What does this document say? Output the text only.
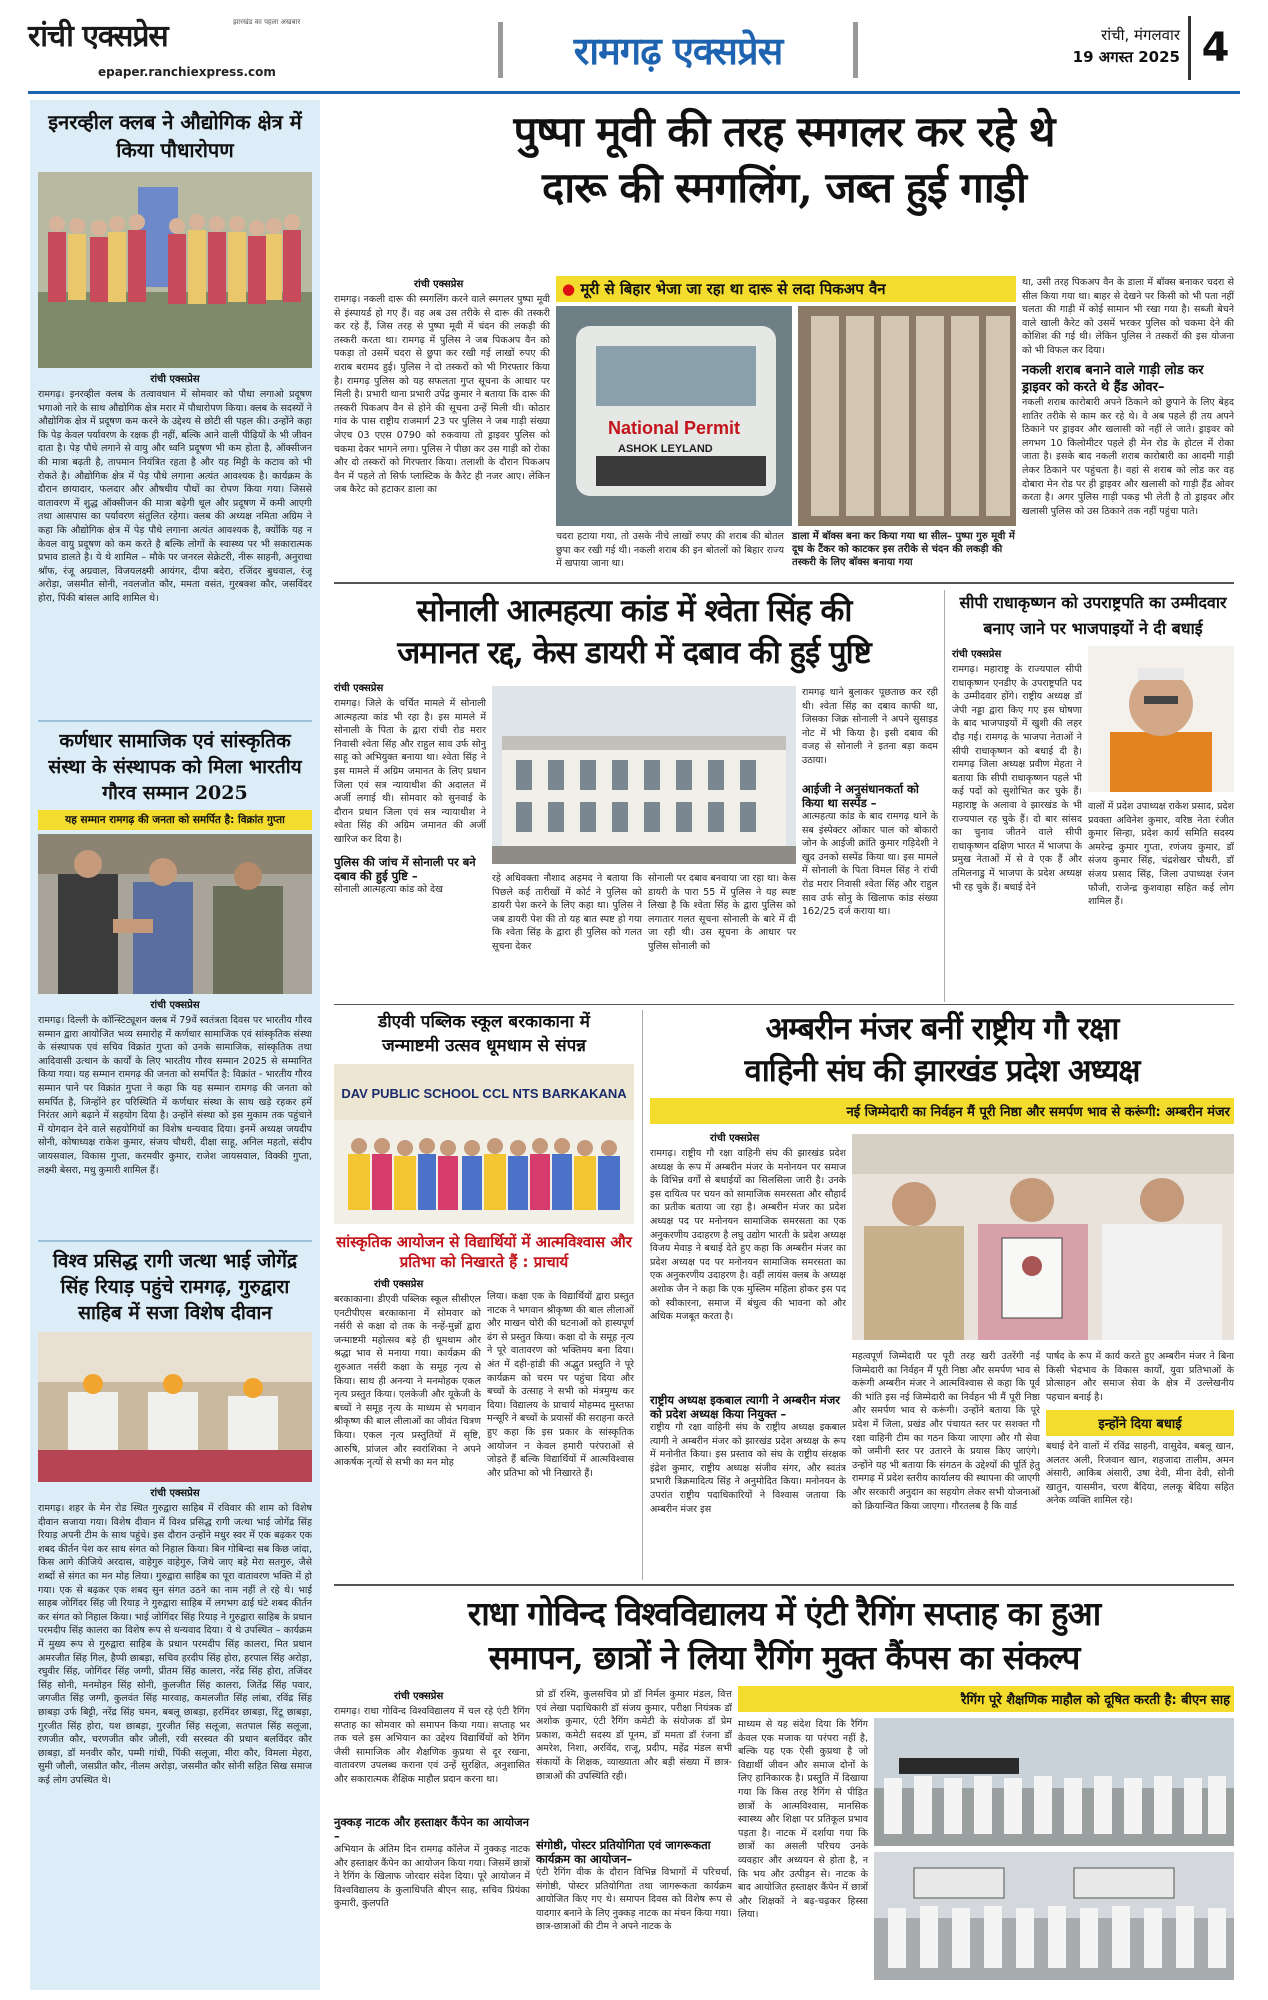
रांची एक्सप्रेस	झारखंड का पहला अखबार
epaper.ranchiexpress.com	रामगढ़ एक्सप्रेस	रांची, मंगलवार
19 अगस्त 2025 4
इनरव्हील क्लब ने औद्योगिक क्षेत्र में किया पौधारोपण
रांची एक्सप्रेस
रामगढ़। इनरव्हील क्लब के तत्वावधान में सोमवार को पौधा लगाओ प्रदूषण भगाओ नारे के साथ औद्योगिक क्षेत्र मरार में पौधारोपण किया। क्लब के सदस्यों ने औद्योगिक क्षेत्र में प्रदूषण कम करने के उद्देश्य से छोटी सी पहल की। उन्होंने कहा कि पेड़ केवल पर्यावरण के रक्षक ही नहीं, बल्कि आने वाली पीढ़ियों के भी जीवन दाता है। पेड़ पौधे लगाने से वायु और ध्वनि प्रदूषण भी कम होता है, ऑक्सीजन की मात्रा बढ़ती है, तापमान नियंत्रित रहता है और यह मिट्टी के कटाव को भी रोकते है। औद्योगिक क्षेत्र में पेड़ पौधे लगाना अत्यंत आवश्यक है। कार्यक्रम के दौरान छायादार, फलदार और औषधीय पौधों का रोपण किया गया। जिससे वातावरण में शुद्ध ऑक्सीजन की मात्रा बढ़ेगी धूल और प्रदूषण में कमी आएगी तथा आसपास का पर्यावरण संतुलित रहेगा। क्लब की अध्यक्ष नमिता अग्रिम ने कहा कि औद्योगिक क्षेत्र में पेड़ पौधे लगाना अत्यंत आवश्यक है, क्योंकि यह न केवल वायु प्रदूषण को कम करते है बल्कि लोगों के स्वास्थ्य पर भी सकारात्मक प्रभाव डालते है। ये थे शामिल – मौके पर जनरल सेक्रेटरी, नीरू साहनी, अनुराधा श्रॉफ, रंजू अग्रवाल, विजयलक्ष्मी आयंगर, दीपा बदेरा, रजिंदर बुधवाल, रंजू अरोड़ा, जसमीत सोनी, नवलजोत कौर, ममता वसंत, गुरबक्श कौर, जसविंदर होरा, पिंकी बांसल आदि शामिल थे।
कर्णधार सामाजिक एवं सांस्कृतिक संस्था के संस्थापक को मिला भारतीय गौरव सम्मान 2025
यह सम्मान रामगढ़ की जनता को समर्पित है: विक्रांत गुप्ता
रांची एक्सप्रेस
रामगढ़। दिल्ली के कॉन्स्टिट्यूशन क्लब में 79वें स्वतंत्रता दिवस पर भारतीय गौरव सम्मान द्वारा आयोजित भव्य समारोह में कर्णधार सामाजिक एवं सांस्कृतिक संस्था के संस्थापक एवं सचिव विक्रांत गुप्ता को उनके सामाजिक, सांस्कृतिक तथा आदिवासी उत्थान के कार्यों के लिए भारतीय गौरव सम्मान 2025 से सम्मानित किया गया। यह सम्मान रामगढ़ की जनता को समर्पित है: विक्रांत - भारतीय गौरव सम्मान पाने पर विक्रांत गुप्ता ने कहा कि यह सम्मान रामगढ़ की जनता को समर्पित है, जिन्होंने हर परिस्थिति में कर्णधार संस्था के साथ खड़े रहकर हमें निरंतर आगे बढ़ाने में सहयोग दिया है। उन्होंने संस्था को इस मुकाम तक पहुंचाने में योगदान देने वाले सहयोगियों का विशेष धन्यवाद दिया। इनमें अध्यक्ष जयदीप सोनी, कोषाध्यक्ष राकेश कुमार, संजय चौधरी, दीक्षा साहू, अनिल महतो, संदीप जायसवाल, विकास गुप्ता, करमवीर कुमार, राजेश जायसवाल, विक्की गुप्ता, लक्ष्मी बेसरा, मधु कुमारी शामिल हैं।
विश्व प्रसिद्ध रागी जत्था भाई जोगेंद्र सिंह रियाड़ पहुंचे रामगढ़, गुरुद्वारा साहिब में सजा विशेष दीवान
रांची एक्सप्रेस
रामगढ़। शहर के मेन रोड स्थित गुरुद्वारा साहिब में रविवार की शाम को विशेष दीवान सजाया गया। विशेष दीवान में विश्व प्रसिद्ध रागी जत्था भाई जोगेंद्र सिंह रियाड़ अपनी टीम के साथ पहुंचे। इस दौरान उन्होंने मधुर स्वर में एक बढ़कर एक शबद कीर्तन पेश कर साध संगत को निहाल किया। बिन गोबिन्दा सब किछ जांदा, किस आगे कीजिये अरदास, वाहेगुरु वाहेगुरु, जिथे जाए बहे मेरा सतगुरु, जैसे शब्दों से संगत का मन मोह लिया। गुरुद्वारा साहिब का पूरा वातावरण भक्ति में हो गया। एक से बढ़कर एक शबद सुन संगत उठने का नाम नहीं ले रहे थे। भाई साहब जोगिंदर सिंह जी रियाड़ ने गुरुद्वारा साहिब में लगभग ढाई घंटे शबद कीर्तन कर संगत को निहाल किया। भाई जोगिंदर सिंह रियाड़ ने गुरुद्वारा साहिब के प्रधान परमदीप सिंह कालरा का विशेष रूप से धन्यवाद दिया। ये थे उपस्थित – कार्यक्रम में मुख्य रूप से गुरुद्वारा साहिब के प्रधान परमदीप सिंह कालरा, मित प्रधान अमरजीत सिंह गिल, हैप्पी छाबड़ा, सचिव हरदीप सिंह होरा, हरपाल सिंह अरोड़ा, रघुवीर सिंह, जोगिंदर सिंह जग्गी, प्रीतम सिंह कालरा, नरेंद्र सिंह होरा, तजिंदर सिंह सोनी, मनमोहन सिंह सोनी, कुलजीत सिंह कालरा, जितेंद्र सिंह पवार, जगजीत सिंह जग्गी, कुलवंत सिंह मारवाह, कमलजीत सिंह लांबा, रविंद्र सिंह छाबड़ा उर्फ बिट्टी, नरेंद्र सिंह चमन, बबलू छाबड़ा, हरमिंदर छाबड़ा, रिंटू छाबड़ा, गुरजीत सिंह होरा, यश छाबड़ा, गुरजीत सिंह सलूजा, सतपाल सिंह सलूजा, रणजीत कौर, चरणजीत कौर जौली, रवी सरस्वत की प्रधान बलविंदर कौर छाबड़ा, डॉ मनवीर कौर, पम्मी गांधी, पिंकी सलूजा, मीरा कौर, विमला मेहरा, सुमी जौली, जसप्रीत कौर, नीलम अरोड़ा, जसमीत कौर सोनी सहित सिख समाज कई लोग उपस्थित थे।
पुष्पा मूवी की तरह स्मगलर कर रहे थे
दारू की स्मगलिंग, जब्त हुई गाड़ी
रांची एक्सप्रेस
रामगढ़। नकली दारू की स्मगलिंग करने वाले स्मगलर पुष्पा मूवी से इंस्पायर्ड हो गए हैं। वह अब उस तरीके से दारू की तस्करी कर रहे हैं, जिस तरह से पुष्पा मूवी में चंदन की लकड़ी की तस्करी करता था। रामगढ़ में पुलिस ने जब पिकअप वैन को पकड़ा तो उसमें चदरा से छुपा कर रखी गई लाखों रुपए की शराब बरामद हुई। पुलिस ने दो तस्करों को भी गिरफ्तार किया है। रामगढ़ पुलिस को यह सफलता गुप्त सूचना के आधार पर मिली है। प्रभारी थाना प्रभारी उपेंद्र कुमार ने बताया कि दारू की तस्करी पिकअप वैन से होने की सूचना उन्हें मिली थी। कोठार गांव के पास राष्ट्रीय राजमार्ग 23 पर पुलिस ने जब गाड़ी संख्या जेएच 03 एएस 0790 को रुकवाया तो ड्राइवर पुलिस को चकमा देकर भागने लगा। पुलिस ने पीछा कर उस गाड़ी को रोका और दो तस्करों को गिरफ्तार किया। तलाशी के दौरान पिकअप वैन में पहले तो सिर्फ प्लास्टिक के कैरेट ही नजर आए। लेकिन जब कैरेट को हटाकर डाला का
● मूरी से बिहार भेजा जा रहा था दारू से लदा पिकअप वैन
National Permit
ASHOK LEYLAND
चदरा हटाया गया, तो उसके नीचे लाखों रुपए की शराब की बोतल छुपा कर रखी गई थी। नकली शराब की इन बोतलों को बिहार राज्य में खपाया जाना था।
डाला में बॉक्स बना कर किया गया था सील– पुष्पा गुरु मूवी में दूध के टैंकर को काटकर इस तरीके से चंदन की लकड़ी की तस्करी के लिए बॉक्स बनाया गया
था, उसी तरह पिकअप वैन के डाला में बॉक्स बनाकर चदरा से सील किया गया था। बाहर से देखने पर किसी को भी पता नहीं चलता की गाड़ी में कोई सामान भी रखा गया है। सब्जी बेचने वाले खाली कैरेट को उसमें भरकर पुलिस को चकमा देने की कोशिश की गई थी। लेकिन पुलिस ने तस्करों की इस योजना को भी विफल कर दिया।
नकली शराब बनाने वाले गाड़ी लोड कर ड्राइवर को करते थे हैंड ओवर–
नकली शराब कारोबारी अपने ठिकाने को छुपाने के लिए बेहद शातिर तरीके से काम कर रहे थे। वे अब पहले ही तय अपने ठिकाने पर ड्राइवर और खलासी को नहीं ले जाते। ड्राइवर को लगभग 10 किलोमीटर पहले ही मेन रोड के होटल में रोका जाता है। इसके बाद नकली शराब कारोबारी का आदमी गाड़ी लेकर ठिकाने पर पहुंचता है। वहां से शराब को लोड कर वह दोबारा मेन रोड पर ही ड्राइवर और खलासी को गाड़ी हैंड ओवर करता है। अगर पुलिस गाड़ी पकड़ भी लेती है तो ड्राइवर और खलासी पुलिस को उस ठिकाने तक नहीं पहुंचा पाते।
सोनाली आत्महत्या कांड में श्वेता सिंह की
जमानत रद्द, केस डायरी में दबाव की हुई पुष्टि
रांची एक्सप्रेस
रामगढ़। जिले के चर्चित मामले में सोनाली आत्महत्या कांड भी रहा है। इस मामले में सोनाली के पिता के द्वारा रांची रोड मरार निवासी श्वेता सिंह और राहुल साव उर्फ सोनु साहू को अभियुक्त बनाया था। श्वेता सिंह ने इस मामले में अग्रिम जमानत के लिए प्रधान जिला एवं सत्र न्यायाधीश की अदालत में अर्जी लगाई थी। सोमवार को सुनवाई के दौरान प्रधान जिला एवं सत्र न्यायाधीश ने श्वेता सिंह की अग्रिम जमानत की अर्जी खारिज कर दिया है।
पुलिस की जांच में सोनाली पर बने दबाव की हुई पुष्टि –
सोनाली आत्महत्या कांड को देख
रहे अधिवक्ता नौशाद अहमद ने बताया कि पिछले कई तारीखों में कोर्ट ने पुलिस को डायरी पेश करने के लिए कहा था। पुलिस ने जब डायरी पेश की तो यह बात स्पष्ट हो गया कि श्वेता सिंह के द्वारा ही पुलिस को गलत सूचना देकर
सोनाली पर दबाव बनवाया जा रहा था। केस डायरी के पारा 55 में पुलिस ने यह स्पष्ट लिखा है कि श्वेता सिंह के द्वारा पुलिस को लगातार गलत सूचना सोनाली के बारे में दी जा रही थी। उस सूचना के आधार पर पुलिस सोनाली को
रामगढ़ थाने बुलाकर पूछताछ कर रही थी। श्वेता सिंह का दबाव काफी था, जिसका जिक्र सोनाली ने अपने सुसाइड नोट में भी किया है। इसी दबाव की वजह से सोनाली ने इतना बड़ा कदम उठाया।
आईजी ने अनुसंधानकर्ता को किया था सस्पेंड –
आत्महत्या कांड के बाद रामगढ़ थाने के सब इंस्पेक्टर ओंकार पाल को बोकारो जोन के आईजी क्रांति कुमार गड़िदेशी ने खुद उनको सस्पेंड किया था। इस मामले में सोनाली के पिता विमल सिंह ने रांची रोड मरार निवासी श्वेता सिंह और राहुल साव उर्फ सोनु के खिलाफ कांड संख्या 162/25 दर्ज कराया था।
सीपी राधाकृष्णन को उपराष्ट्रपति का उम्मीदवार
बनाए जाने पर भाजपाइयों ने दी बधाई
रांची एक्सप्रेस
रामगढ़। महाराष्ट्र के राज्यपाल सीपी राधाकृष्णन एनडीए के उपराष्ट्रपति पद के उम्मीदवार होंगे। राष्ट्रीय अध्यक्ष डॉ जेपी नड्डा द्वारा किए गए इस घोषणा के बाद भाजपाइयों में खुशी की लहर दौड़ गई। रामगढ़ के भाजपा नेताओं ने सीपी राधाकृष्णन को बधाई दी है। रामगढ़ जिला अध्यक्ष प्रवीण मेहता ने बताया कि सीपी राधाकृष्णन पहले भी कई पदों को सुशोभित कर चुके हैं। महाराष्ट्र के अलावा वे झारखंड के भी राज्यपाल रह चुके हैं। दो बार सांसद का चुनाव जीतने वाले सीपी राधाकृष्णन दक्षिण भारत में भाजपा के प्रमुख नेताओं में से वे एक हैं और तमिलनाडु में भाजपा के प्रदेश अध्यक्ष भी रह चुके हैं। बधाई देने
वालों में प्रदेश उपाध्यक्ष राकेश प्रसाद, प्रदेश प्रवक्ता अविनेश कुमार, वरिष्ठ नेता रंजीत कुमार सिन्हा, प्रदेश कार्य समिति सदस्य अमरेन्द्र कुमार गुप्ता, रणंजय कुमार, डॉ संजय कुमार सिंह, चंद्रशेखर चौधरी, डॉ संजय प्रसाद सिंह, जिला उपाध्यक्ष रंजन फौजी, राजेन्द्र कुशवाहा सहित कई लोग शामिल हैं।
डीएवी पब्लिक स्कूल बरकाकाना में
जन्माष्टमी उत्सव धूमधाम से संपन्न
DAV PUBLIC SCHOOL CCL NTS BARKAKANA
सांस्कृतिक आयोजन से विद्यार्थियों में आत्मविश्वास और प्रतिभा को निखारते हैं : प्राचार्य
रांची एक्सप्रेस
बरकाकाना। डीएवी पब्लिक स्कूल सीसीएल एनटीपीएस बरकाकाना में सोमवार को नर्सरी से कक्षा दो तक के नन्हें-मुन्नों द्वारा जन्माष्टमी महोत्सव बड़े ही धूमधाम और श्रद्धा भाव से मनाया गया। कार्यक्रम की शुरुआत नर्सरी कक्षा के समूह नृत्य से किया। साथ ही अनन्या ने मनमोहक एकल नृत्य प्रस्तुत किया। एलकेजी और यूकेजी के बच्चों ने समूह नृत्य के माध्यम से भगवान श्रीकृष्ण की बाल लीलाओं का जीवंत चित्रण किया। एकल नृत्य प्रस्तुतियों में सृष्टि, आरुषि, प्रांजल और स्वरांशिका ने अपने आकर्षक नृत्यों से सभी का मन मोह
लिया। कक्षा एक के विद्यार्थियों द्वारा प्रस्तुत नाटक ने भगवान श्रीकृष्ण की बाल लीलाओं और माखन चोरी की घटनाओं को हास्यपूर्ण ढंग से प्रस्तुत किया। कक्षा दो के समूह नृत्य ने पूरे वातावरण को भक्तिमय बना दिया। अंत में दही-हांडी की अद्भुत प्रस्तुति ने पूरे कार्यक्रम को चरम पर पहुंचा दिया और बच्चों के उत्साह ने सभी को मंत्रमुग्ध कर दिया। विद्यालय के प्राचार्य मोहम्मद मुस्तफा मन्सूरि ने बच्चों के प्रयासों की सराहना करते हुए कहा कि इस प्रकार के सांस्कृतिक आयोजन न केवल हमारी परंपराओं से जोड़ते हैं बल्कि विद्यार्थियों में आत्मविश्वास और प्रतिभा को भी निखारते हैं।
अम्बरीन मंजर बनीं राष्ट्रीय गौ रक्षा
वाहिनी संघ की झारखंड प्रदेश अध्यक्ष
नई जिम्मेदारी का निर्वहन मैं पूरी निष्ठा और समर्पण भाव से करूंगी: अम्बरीन मंजर
रांची एक्सप्रेस
रामगढ़। राष्ट्रीय गौ रक्षा वाहिनी संघ की झारखंड प्रदेश अध्यक्ष के रूप में अम्बरीन मंजर के मनोनयन पर समाज के विभिन्न वर्गों से बधाईयों का सिलसिला जारी है। उनके इस दायित्व पर चयन को सामाजिक समरसता और सौहार्द का प्रतीक बताया जा रहा है। अम्बरीन मंजर का प्रदेश अध्यक्ष पद पर मनोनयन सामाजिक समरसता का एक अनुकरणीय उदाहरण है लघु उद्योग भारती के प्रदेश अध्यक्ष विजय मेवाड़ ने बधाई देते हुए कहा कि अम्बरीन मंजर का प्रदेश अध्यक्ष पद पर मनोनयन सामाजिक समरसता का एक अनुकरणीय उदाहरण है। वहीं लायंस क्लब के अध्यक्ष अशोक जैन ने कहा कि एक मुस्लिम महिला होकर इस पद को स्वीकारना, समाज में बंधुत्व की भावना को और अधिक मजबूत करता है।
राष्ट्रीय अध्यक्ष इकबाल त्यागी ने अम्बरीन मंजर को प्रदेश अध्यक्ष किया नियुक्त –
राष्ट्रीय गौ रक्षा वाहिनी संघ के राष्ट्रीय अध्यक्ष इकबाल त्यागी ने अम्बरीन मंजर को झारखंड प्रदेश अध्यक्ष के रूप में मनोनीत किया। इस प्रस्ताव को संघ के राष्ट्रीय संरक्षक इंद्रेश कुमार, राष्ट्रीय अध्यक्ष संजीव संगर, और स्वतंत्र प्रभारी त्रिक्रमादित्य सिंह ने अनुमोदित किया। मनोनयन के उपरांत राष्ट्रीय पदाधिकारियों ने विश्वास जताया कि अम्बरीन मंजर इस
महत्वपूर्ण जिम्मेदारी पर पूरी तरह खरी उतरेंगी नई जिम्मेदारी का निर्वहन मैं पूरी निष्ठा और समर्पण भाव से करूंगी अम्बरीन मंजर ने आत्मविश्वास से कहा कि पूर्व की भांति इस नई जिम्मेदारी का निर्वहन भी मैं पूरी निष्ठा और समर्पण भाव से करूंगी। उन्होंने बताया कि पूरे प्रदेश में जिला, प्रखंड और पंचायत स्तर पर सशक्त गौ रक्षा वाहिनी टीम का गठन किया जाएगा और गौ सेवा को जमीनी स्तर पर उतारने के प्रयास किए जाएंगे। उन्होंने यह भी बताया कि संगठन के उद्देश्यों की पूर्ति हेतु रामगढ़ में प्रदेश स्तरीय कार्यालय की स्थापना की जाएगी और सरकारी अनुदान का सहयोग लेकर सभी योजनाओं को क्रियान्वित किया जाएगा। गौरतलब है कि वार्ड
पार्षद के रूप में कार्य करते हुए अम्बरीन मंजर ने बिना किसी भेदभाव के विकास कार्यों, युवा प्रतिभाओं के प्रोत्साहन और समाज सेवा के क्षेत्र में उल्लेखनीय पहचान बनाई है।
इन्होंने दिया बधाई
बधाई देने वालों में रविंद्र साहनी, वासुदेव, बबलू खान, अलतर अली, रिजवान खान, शहजादा तालीम, अमन अंसारी, आकिब अंसारी, उषा देवी, मीना देवी, सोनी खातुन, यासमीन, चरण बैदिया, ललकू बेदिया सहित अनेक व्यक्ति शामिल रहे।
राधा गोविन्द विश्वविद्यालय में एंटी रैगिंग सप्ताह का हुआ
समापन, छात्रों ने लिया रैगिंग मुक्त कैंपस का संकल्प
रांची एक्सप्रेस
रामगढ़। राधा गोविन्द विश्वविद्यालय में चल रहे एंटी रैगिंग सप्ताह का सोमवार को समापन किया गया। सप्ताह भर तक चले इस अभियान का उद्देश्य विद्यार्थियों को रैगिंग जैसी सामाजिक और शैक्षणिक कुप्रथा से दूर रखना, वातावरण उपलब्ध कराना एवं उन्हें सुरक्षित, अनुशासित और सकारात्मक शैक्षिक माहौल प्रदान करना था।
नुक्कड़ नाटक और हस्ताक्षर कैंपेन का आयोजन –
अभियान के अंतिम दिन रामगढ़ कॉलेज में नुक्कड़ नाटक और हस्ताक्षर कैंपेन का आयोजन किया गया। जिसमें छात्रों ने रैगिंग के खिलाफ जोरदार संदेश दिया। पूरे आयोजन में विश्वविद्यालय के कुलाधिपति बीएन साह, सचिव प्रियंका कुमारी, कुलपति
प्रो डॉ रश्मि, कुलसचिव प्रो डॉ निर्मल कुमार मंडल, वित्त एवं लेखा पदाधिकारी डॉ संजय कुमार, परीक्षा नियंत्रक डॉ अशोक कुमार, एंटी रैगिंग कमेटी के संयोजक डॉ प्रेम प्रकाश, कमेटी सदस्य डॉ पूनम, डॉ ममता डॉ रंजना डॉ अमरेश, निशा, अरविंद, राजू, प्रदीप, महेंद्र मंडल सभी संकायों के शिक्षक, व्याख्याता और बड़ी संख्या में छात्र-छात्राओं की उपस्थिति रही।
संगोष्ठी, पोस्टर प्रतियोगिता एवं जागरूकता कार्यक्रम का आयोजन–
एंटी रैगिंग वीक के दौरान विभिन्न विभागों में परिचर्चा, संगोष्ठी, पोस्टर प्रतियोगिता तथा जागरूकता कार्यक्रम आयोजित किए गए थे। समापन दिवस को विशेष रूप से यादगार बनाने के लिए नुक्कड़ नाटक का मंचन किया गया। छात्र-छात्राओं की टीम ने अपने नाटक के
रैगिंग पूरे शैक्षणिक माहौल को दूषित करती है: बीएन साह
माध्यम से यह संदेश दिया कि रैगिंग केवल एक मजाक या परंपरा नहीं है, बल्कि यह एक ऐसी कुप्रथा है जो विद्यार्थी जीवन और समाज दोनों के लिए हानिकारक है। प्रस्तुति में दिखाया गया कि किस तरह रैगिंग से पीड़ित छात्रों के आत्मविश्वास, मानसिक स्वास्थ्य और शिक्षा पर प्रतिकूल प्रभाव पड़ता है। नाटक में दर्शाया गया कि छात्रों का असली परिचय उनके व्यवहार और अध्ययन से होता है, न कि भय और उत्पीड़न से। नाटक के बाद आयोजित हस्ताक्षर कैंपेन में छात्रों और शिक्षकों ने बढ़-चढ़कर हिस्सा लिया।
